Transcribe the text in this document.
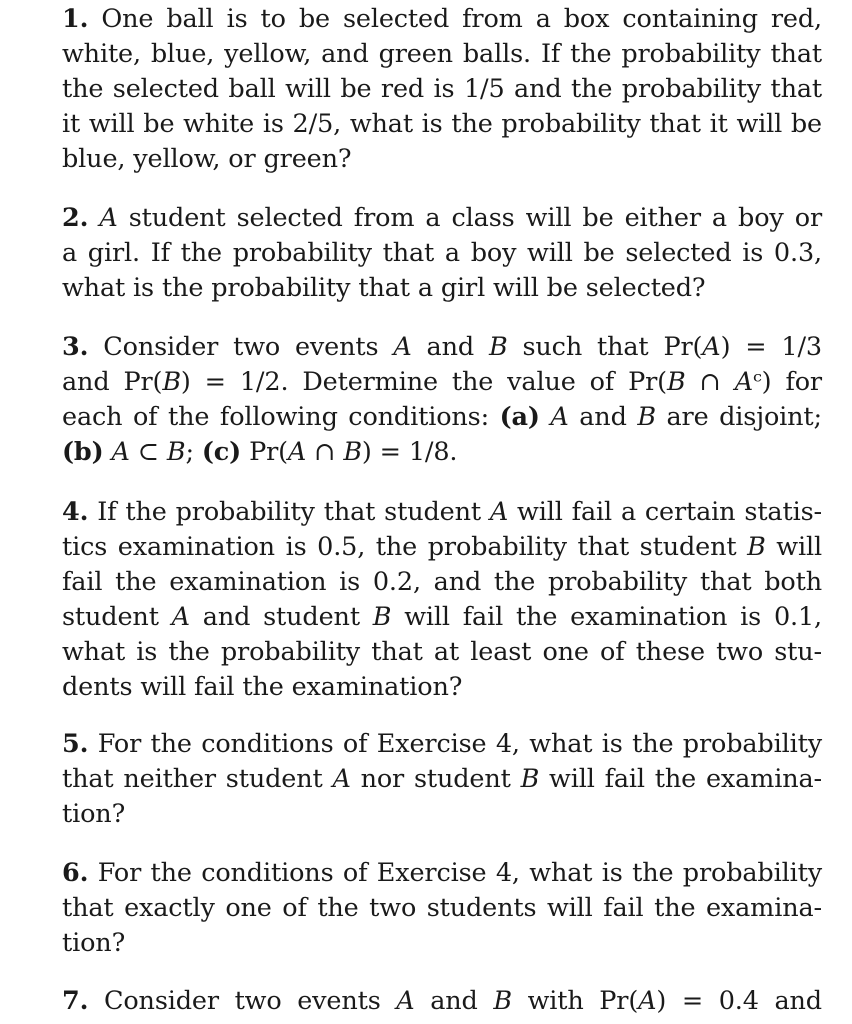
1. One ball is to be selected from a box containing red,
white, blue, yellow, and green balls. If the probability that
the selected ball will be red is 1/5 and the probability that
it will be white is 2/5, what is the probability that it will be
blue, yellow, or green?
2. A student selected from a class will be either a boy or
a girl. If the probability that a boy will be selected is 0.3,
what is the probability that a girl will be selected?
3. Consider two events A and B such that Pr(A) = 1/3
and Pr(B) = 1/2. Determine the value of Pr(B ∩ Aᶜ) for
each of the following conditions: (a) A and B are disjoint;
(b) A ⊂ B; (c) Pr(A ∩ B) = 1/8.
4. If the probability that student A will fail a certain statis-
tics examination is 0.5, the probability that student B will
fail the examination is 0.2, and the probability that both
student A and student B will fail the examination is 0.1,
what is the probability that at least one of these two stu-
dents will fail the examination?
5. For the conditions of Exercise 4, what is the probability
that neither student A nor student B will fail the examina-
tion?
6. For the conditions of Exercise 4, what is the probability
that exactly one of the two students will fail the examina-
tion?
7. Consider two events A and B with Pr(A) = 0.4 and
